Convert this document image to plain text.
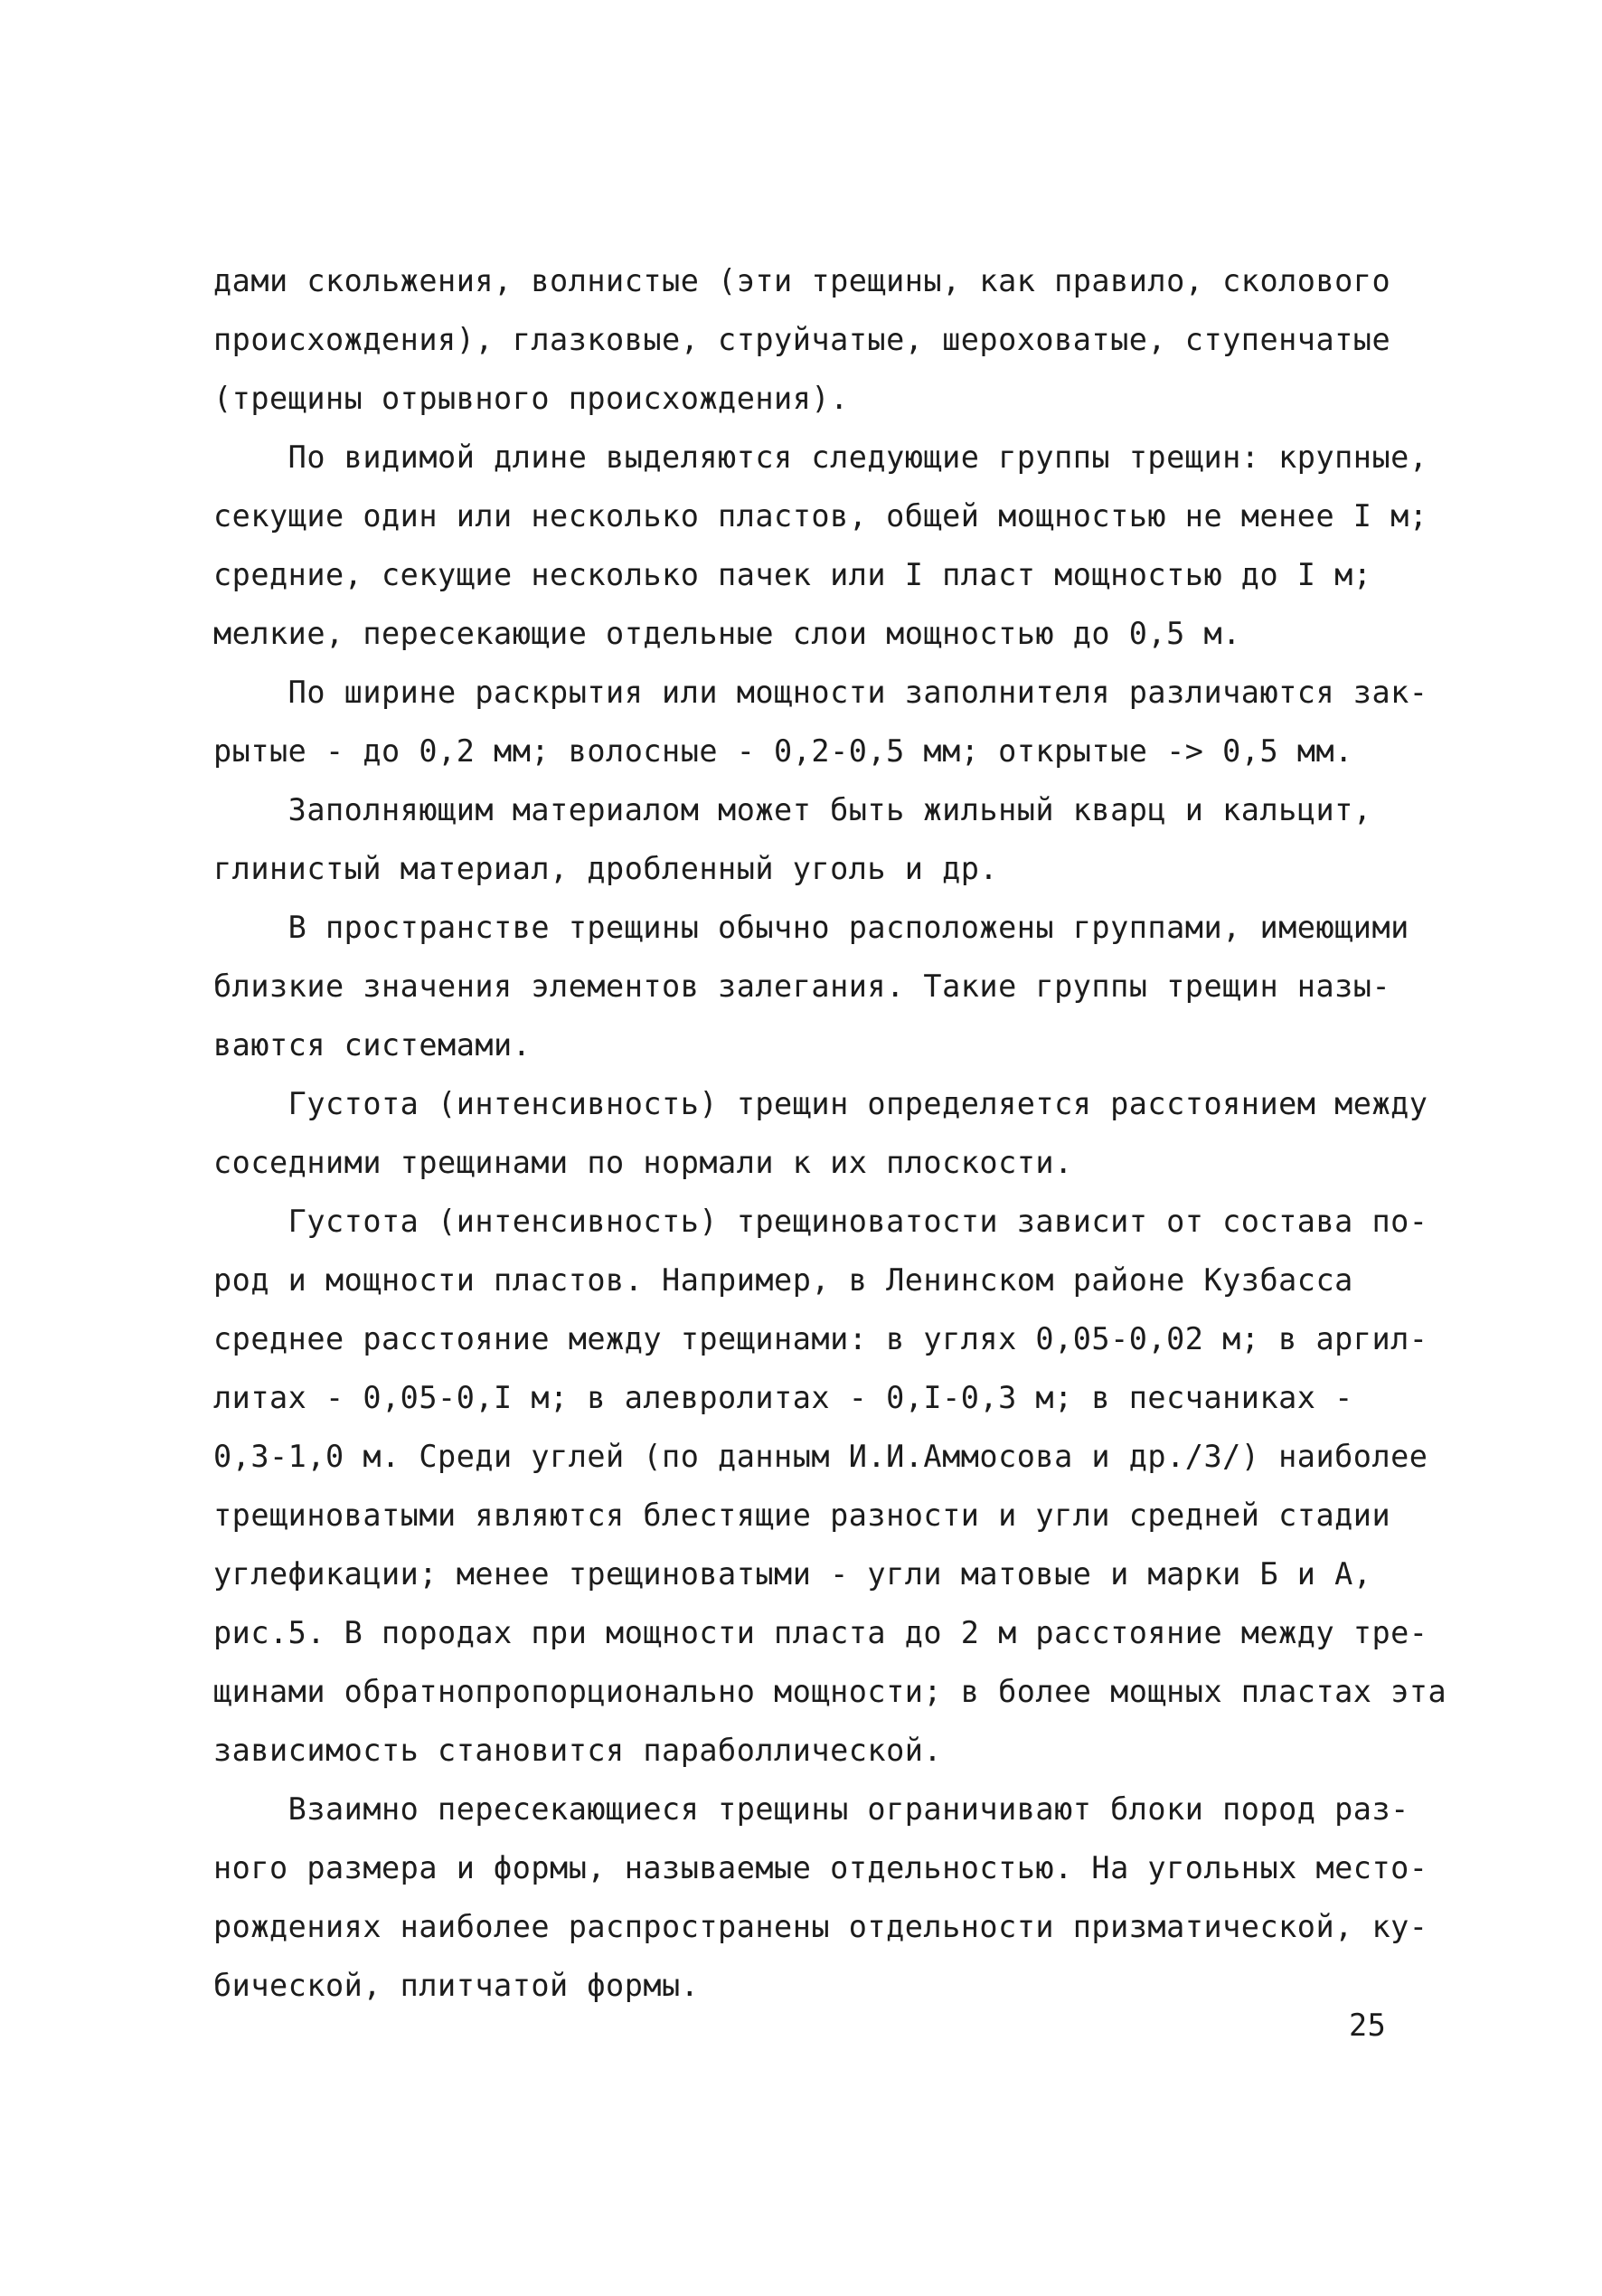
дами скольжения, волнистые (эти трещины, как правило, сколового
происхождения), глазковые, струйчатые, шероховатые, ступенчатые
(трещины отрывного происхождения).
По видимой длине выделяются следующие группы трещин: крупные,
секущие один или несколько пластов, общей мощностью не менее I м;
средние, секущие несколько пачек или I пласт мощностью до I м;
мелкие, пересекающие отдельные слои мощностью до 0,5 м.
По ширине раскрытия или мощности заполнителя различаются зак-
рытые - до 0,2 мм; волосные - 0,2-0,5 мм; открытые -> 0,5 мм.
Заполняющим материалом может быть жильный кварц и кальцит,
глинистый материал, дробленный уголь и др.
В пространстве трещины обычно расположены группами, имеющими
близкие значения элементов залегания. Такие группы трещин назы-
ваются системами.
Густота (интенсивность) трещин определяется расстоянием между
соседними трещинами по нормали к их плоскости.
Густота (интенсивность) трещиноватости зависит от состава по-
род и мощности пластов. Например, в Ленинском районе Кузбасса
среднее расстояние между трещинами: в углях 0,05-0,02 м; в аргил-
литах - 0,05-0,I м; в алевролитах - 0,I-0,3 м; в песчаниках -
0,3-1,0 м. Среди углей (по данным И.И.Аммосова и др./3/) наиболее
трещиноватыми являются блестящие разности и угли средней стадии
углефикации; менее трещиноватыми - угли матовые и марки Б и А,
рис.5. В породах при мощности пласта до 2 м расстояние между тре-
щинами обратнопропорционально мощности; в более мощных пластах эта
зависимость становится параболлической.
Взаимно пересекающиеся трещины ограничивают блоки пород раз-
ного размера и формы, называемые отдельностью. На угольных место-
рождениях наиболее распространены отдельности призматической, ку-
бической, плитчатой формы.
25
